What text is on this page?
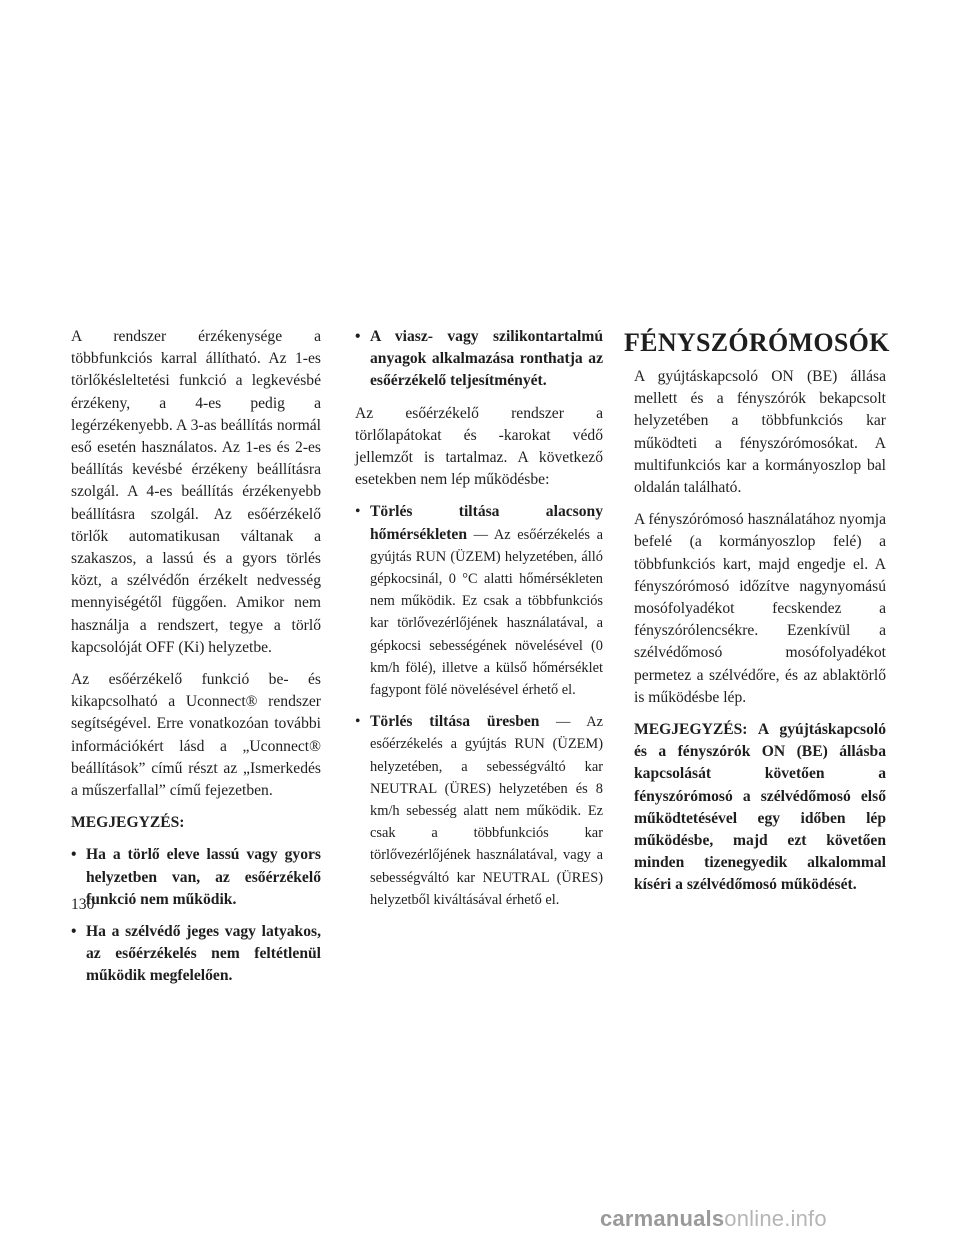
A rendszer érzékenysége a többfunkciós karral állítható. Az 1-es törlőkésleltetési funkció a legkevésbé érzékeny, a 4-es pedig a legérzékenyebb. A 3-as beállítás normál eső esetén használatos. Az 1-es és 2-es beállítás kevésbé érzékeny beállításra szolgál. A 4-es beállítás érzékenyebb beállításra szolgál. Az esőérzékelő törlők automatikusan váltanak a szakaszos, a lassú és a gyors törlés közt, a szélvédőn érzékelt nedvesség mennyiségétől függően. Amikor nem használja a rendszert, tegye a törlő kapcsolóját OFF (Ki) helyzetbe.

Az esőérzékelő funkció be- és kikapcsolható a Uconnect® rendszer segítségével. Erre vonatkozóan további információkért lásd a „Uconnect® beállítások” című részt az „Ismerkedés a műszerfallal” című fejezetben.

MEGJEGYZÉS:
• Ha a törlő eleve lassú vagy gyors helyzetben van, az esőérzékelő funkció nem működik.
• Ha a szélvédő jeges vagy latyakos, az esőérzékelés nem feltétlenül működik megfelelően.
• A viasz- vagy szilikontartalmú anyagok alkalmazása ronthatja az esőérzékelő teljesítményét.

Az esőérzékelő rendszer a törlőlapátokat és -karokat védő jellemzőt is tartalmaz. A következő esetekben nem lép működésbe:

• Törlés tiltása alacsony hőmérsékleten — Az esőérzékelés a gyújtás RUN (ÜZEM) helyzetében, álló gépkocsinál, 0 °C alatti hőmérsékleten nem működik. Ez csak a többfunkciós kar törlővezérlőjének használatával, a gépkocsi sebességének növelésével (0 km/h fölé), illetve a külső hőmérséklet fagypont fölé növelésével érhető el.
• Törlés tiltása üresben — Az esőérzékelés a gyújtás RUN (ÜZEM) helyzetében, a sebességváltó kar NEUTRAL (ÜRES) helyzetében és 8 km/h sebesség alatt nem működik. Ez csak a többfunkciós kar törlővezérlőjének használatával, vagy a sebességváltó kar NEUTRAL (ÜRES) helyzetből kiváltásával érhető el.
FÉNYSZÓRÓMOSÓK

A gyújtáskapcsoló ON (BE) állása mellett és a fényszórók bekapcsolt helyzetében a többfunkciós kar működteti a fényszórómosókat. A multifunkciós kar a kormányoszlop bal oldalán található.

A fényszórómosó használatához nyomja befelé (a kormányoszlop felé) a többfunkciós kart, majd engedje el. A fényszórómosó időzítve nagynyomású mosófolyadékot fecskendez a fényszórólencsékre. Ezenkívül a szélvédőmosó mosófolyadékot permetez a szélvédőre, és az ablaktörlő is működésbe lép.

MEGJEGYZÉS: A gyújtáskapcsoló és a fényszórók ON (BE) állásba kapcsolását követően a fényszórómosó a szélvédőmosó első működtetésével egy időben lép működésbe, majd ezt követően minden tizenegyedik alkalommal kíséri a szélvédőmosó működését.

130
carmanualsonline.info
